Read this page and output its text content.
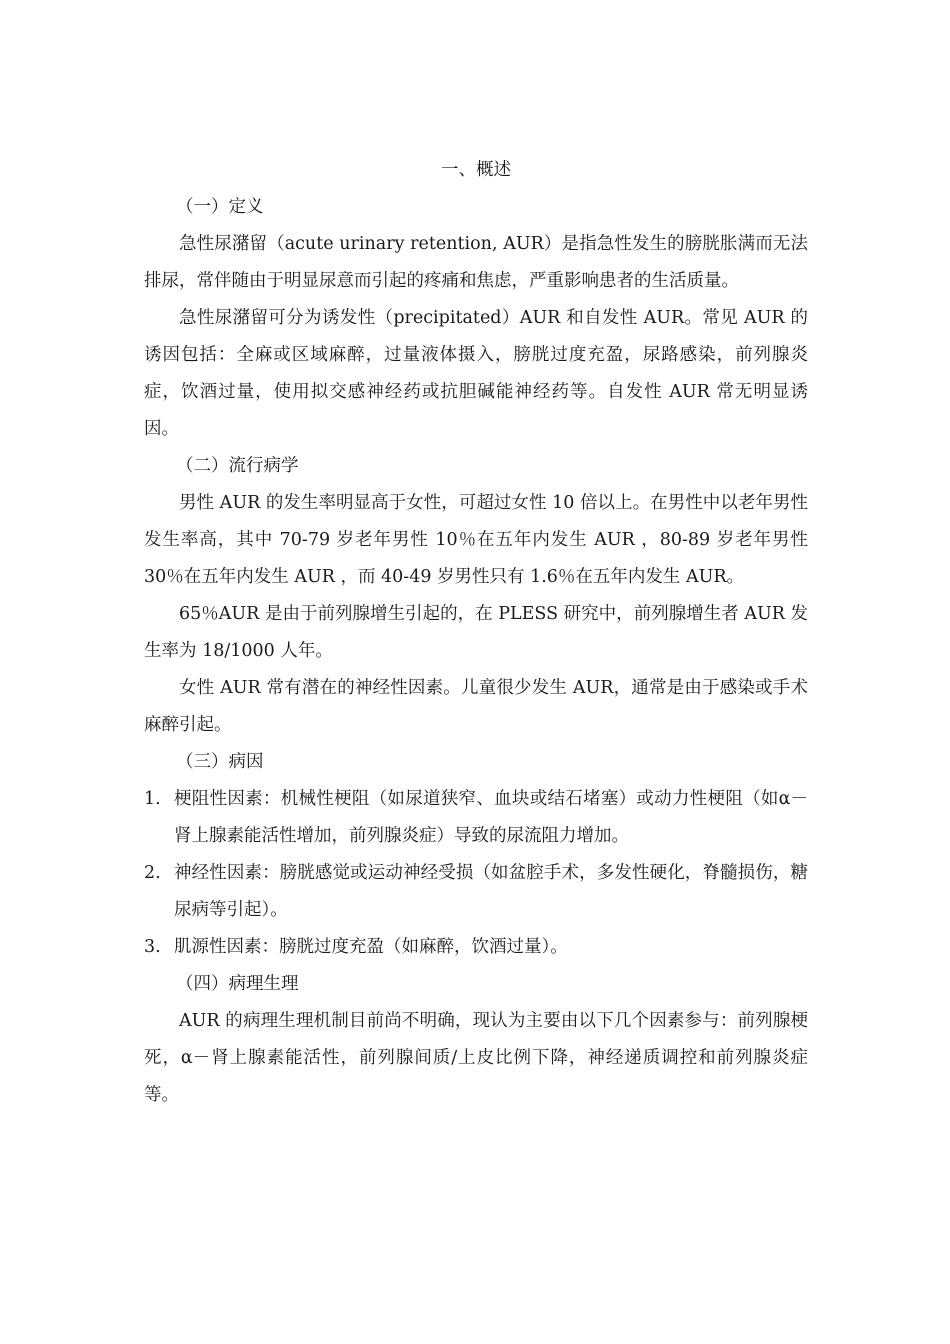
一、概述

（一）定义

急性尿潴留（acute urinary retention, AUR）是指急性发生的膀胱胀满而无法排尿，常伴随由于明显尿意而引起的疼痛和焦虑，严重影响患者的生活质量。

急性尿潴留可分为诱发性（precipitated）AUR 和自发性 AUR。常见 AUR 的诱因包括：全麻或区域麻醉，过量液体摄入，膀胱过度充盈，尿路感染，前列腺炎症，饮酒过量，使用拟交感神经药或抗胆碱能神经药等。自发性 AUR 常无明显诱因。

（二）流行病学

男性 AUR 的发生率明显高于女性，可超过女性 10 倍以上。在男性中以老年男性发生率高，其中 70-79 岁老年男性 10％在五年内发生 AUR ，80-89 岁老年男性 30％在五年内发生 AUR ，而 40-49 岁男性只有 1.6％在五年内发生 AUR。

65％AUR 是由于前列腺增生引起的，在 PLESS 研究中，前列腺增生者 AUR 发生率为 18/1000 人年。

女性 AUR 常有潜在的神经性因素。儿童很少发生 AUR，通常是由于感染或手术麻醉引起。

（三）病因

1. 梗阻性因素：机械性梗阻（如尿道狭窄、血块或结石堵塞）或动力性梗阻（如α－肾上腺素能活性增加，前列腺炎症）导致的尿流阻力增加。
2. 神经性因素：膀胱感觉或运动神经受损（如盆腔手术，多发性硬化，脊髓损伤，糖尿病等引起）。
3. 肌源性因素：膀胱过度充盈（如麻醉，饮酒过量）。

（四）病理生理

AUR 的病理生理机制目前尚不明确，现认为主要由以下几个因素参与：前列腺梗死，α－肾上腺素能活性，前列腺间质/上皮比例下降，神经递质调控和前列腺炎症等。
